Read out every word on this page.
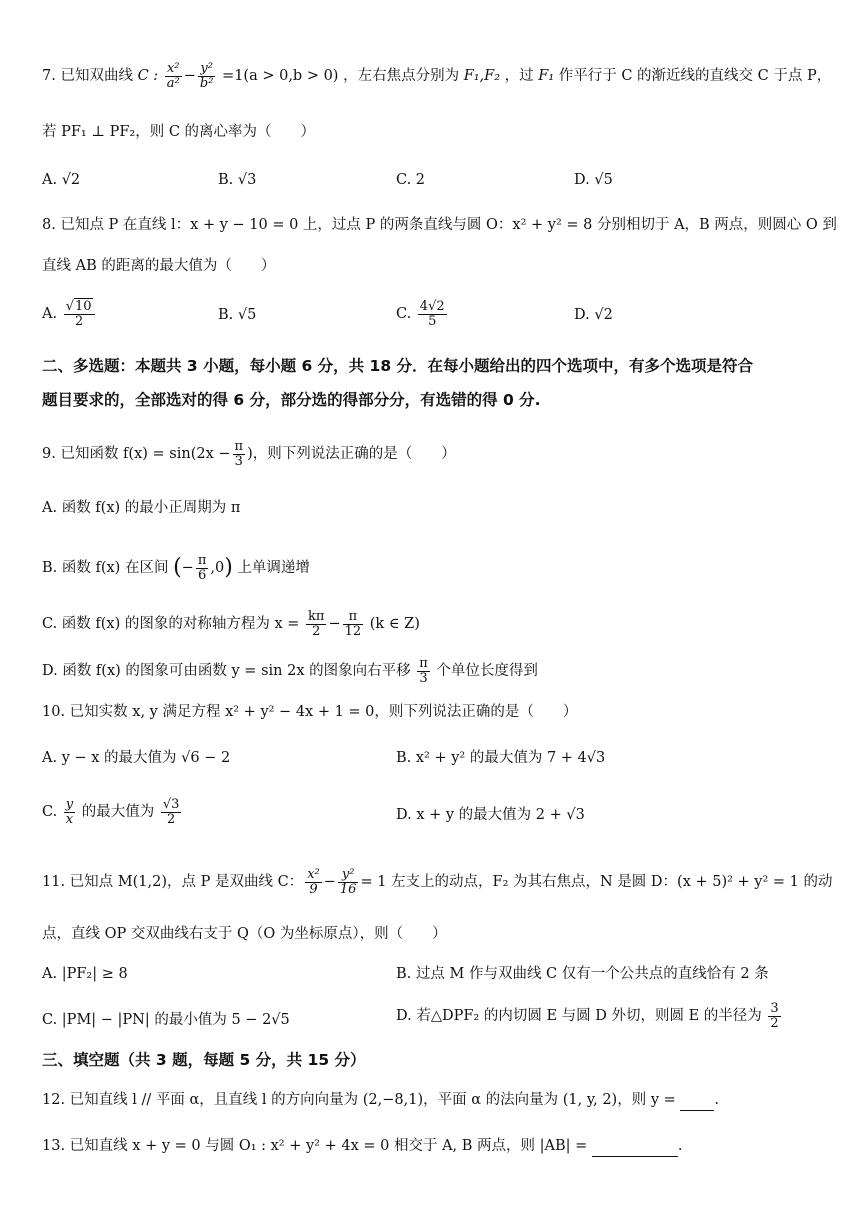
7. 已知双曲线 C : $\frac{\text{x²}}{\text{a²}} - \frac{\text{y²}}{\text{b²}} =1(a > 0,b > 0)$ ，左右焦点分别为 F₁,F₂ ，过 F₁ 作平行于 C 的渐近线的直线交 C 于点 P，
若 PF₁ ⊥ PF₂，则 C 的离心率为（　　）
A. √2	B. √3	C. 2	D. √5
8. 已知点 P 在直线 l：x + y − 10 = 0 上，过点 P 的两条直线与圆 O：x² + y² = 8 分别相切于 A，B 两点，则圆心 O 到
直线 AB 的距离的最大值为（　　）
A. $\frac{√10}{2}$	B. √5	C. $\frac{4√2}{5}$	D. √2
二、多选题：本题共 3 小题，每小题 6 分，共 18 分．在每小题给出的四个选项中，有多个选项是符合
题目要求的，全部选对的得 6 分，部分选的得部分分，有选错的得 0 分.
9. 已知函数 $f(x) = \sin(2x - \frac{\pi}{3}$ )，则下列说法正确的是（　　）
A. 函数 f(x) 的最小正周期为 π
B. 函数 f(x) 在区间 (− $\frac{\pi}{6} ,0$) 上单调递增
C. 函数 f(x) 的图象的对称轴方程为 $x = \frac{k\pi}{2} - \frac{\pi}{12} (k$ ∈ Z)
D. 函数 f(x) 的图象可由函数 y = sin 2x 的图象向右平移 $\frac{\pi}{3}$ 个单位长度得到
10. 已知实数 x, y 满足方程 x² + y² − 4x + 1 = 0，则下列说法正确的是（　　）
A. y − x 的最大值为 √6 − 2	B. x² + y² 的最大值为 7 + 4√3
C. $\frac{y}{x}$ 的最大值为 $\frac{√3}{2}$	D. x + y 的最大值为 2 + √3
11. 已知点 M(1,2)，点 P 是双曲线 C： $\frac{\text{x²}}{9} - \frac{\text{y²}}{16} = 1$ 左支上的动点，F₂ 为其右焦点，N 是圆 D：(x + 5)² + y² = 1 的动
点，直线 OP 交双曲线右支于 Q（O 为坐标原点），则（　　）
A. |PF₂| ≥ 8	B. 过点 M 作与双曲线 C 仅有一个公共点的直线恰有 2 条
C. |PM| − |PN| 的最小值为 5 − 2√5	D. 若△DPF₂ 的内切圆 E 与圆 D 外切，则圆 E 的半径为 $\frac{3}{2}$
三、填空题（共 3 题，每题 5 分，共 15 分）
12. 已知直线 l // 平面 α，且直线 l 的方向向量为 (2,−8,1)，平面 α 的法向量为 (1, y, 2)，则 y =	.
13. 已知直线 x + y = 0 与圆 O₁ : x² + y² + 4x = 0 相交于 A, B 两点，则 |AB| =	.
